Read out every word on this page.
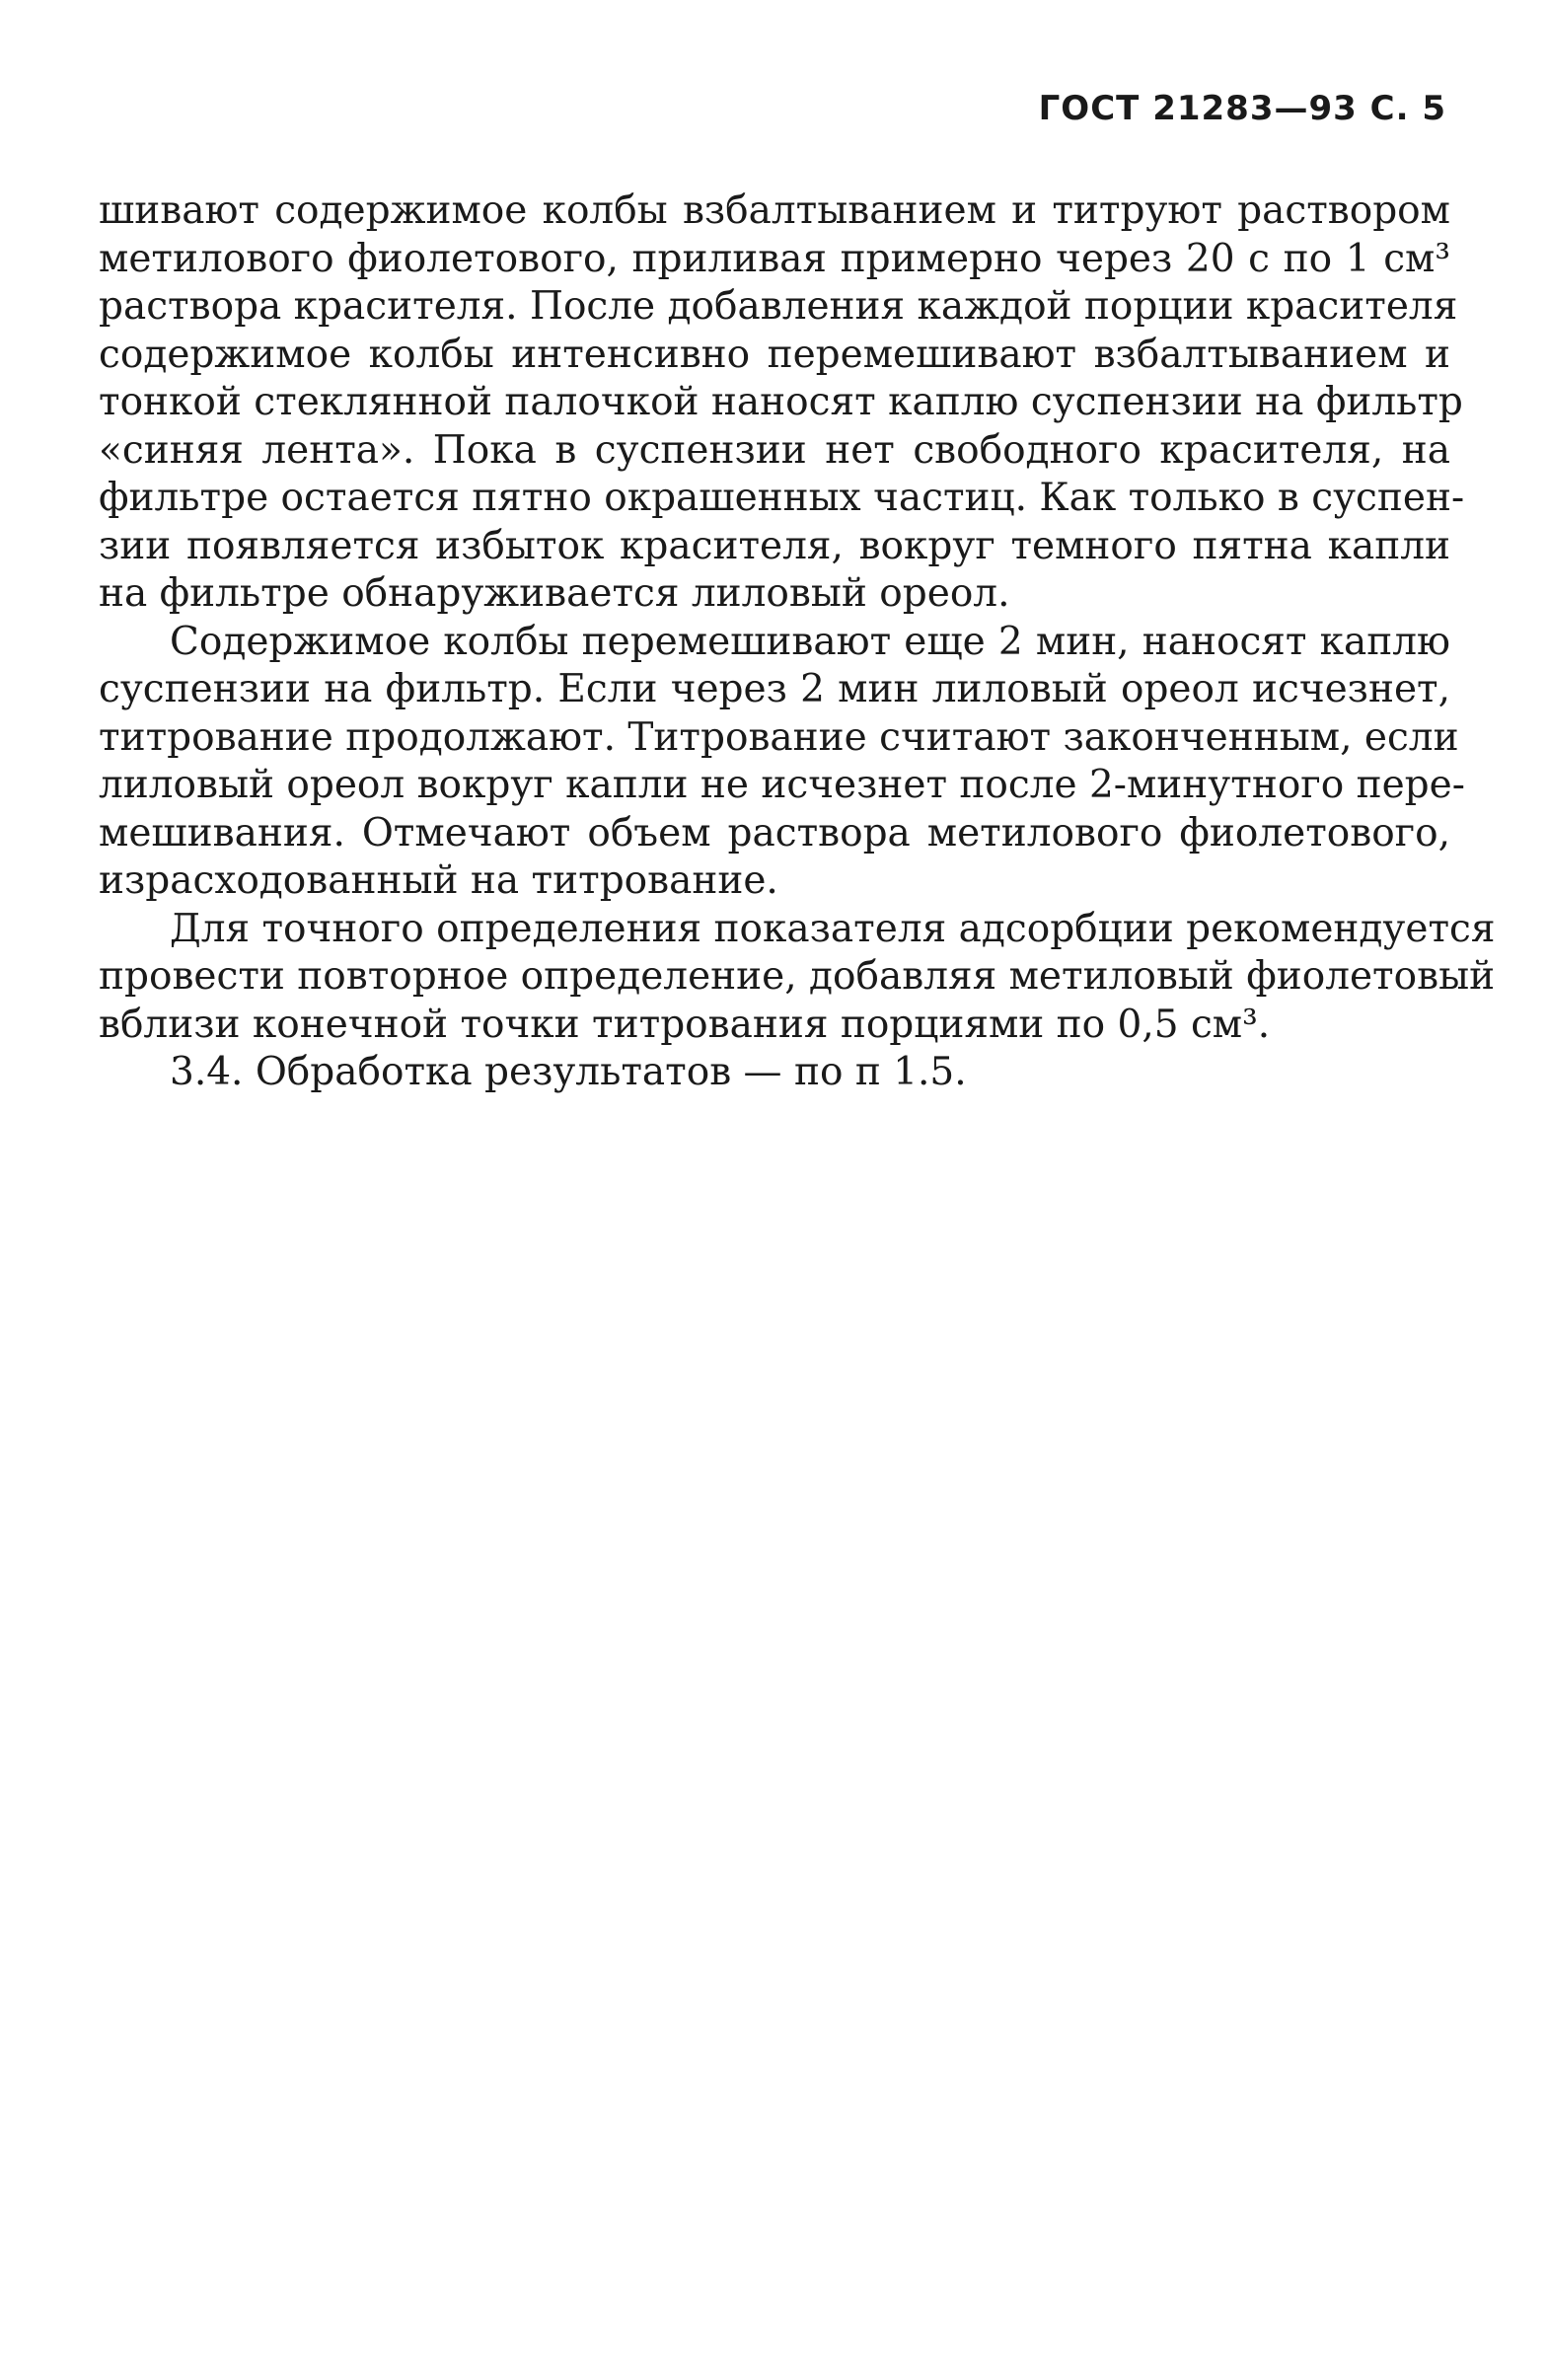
ГОСТ 21283—93 С. 5
шивают содержимое колбы взбалтыванием и титруют раствором
метилового фиолетового, приливая примерно через 20 с по 1 см³
раствора красителя. После добавления каждой порции красителя
содержимое колбы интенсивно перемешивают взбалтыванием и
тонкой стеклянной палочкой наносят каплю суспензии на фильтр
«синяя лента». Пока в суспензии нет свободного красителя, на
фильтре остается пятно окрашенных частиц. Как только в суспен-
зии появляется избыток красителя, вокруг темного пятна капли
на фильтре обнаруживается лиловый ореол.
Содержимое колбы перемешивают еще 2 мин, наносят каплю
суспензии на фильтр. Если через 2 мин лиловый ореол исчезнет,
титрование продолжают. Титрование считают законченным, если
лиловый ореол вокруг капли не исчезнет после 2-минутного пере-
мешивания. Отмечают объем раствора метилового фиолетового,
израсходованный на титрование.
Для точного определения показателя адсорбции рекомендуется
провести повторное определение, добавляя метиловый фиолетовый
вблизи конечной точки титрования порциями по 0,5 см³.
3.4. Обработка результатов — по п 1.5.
